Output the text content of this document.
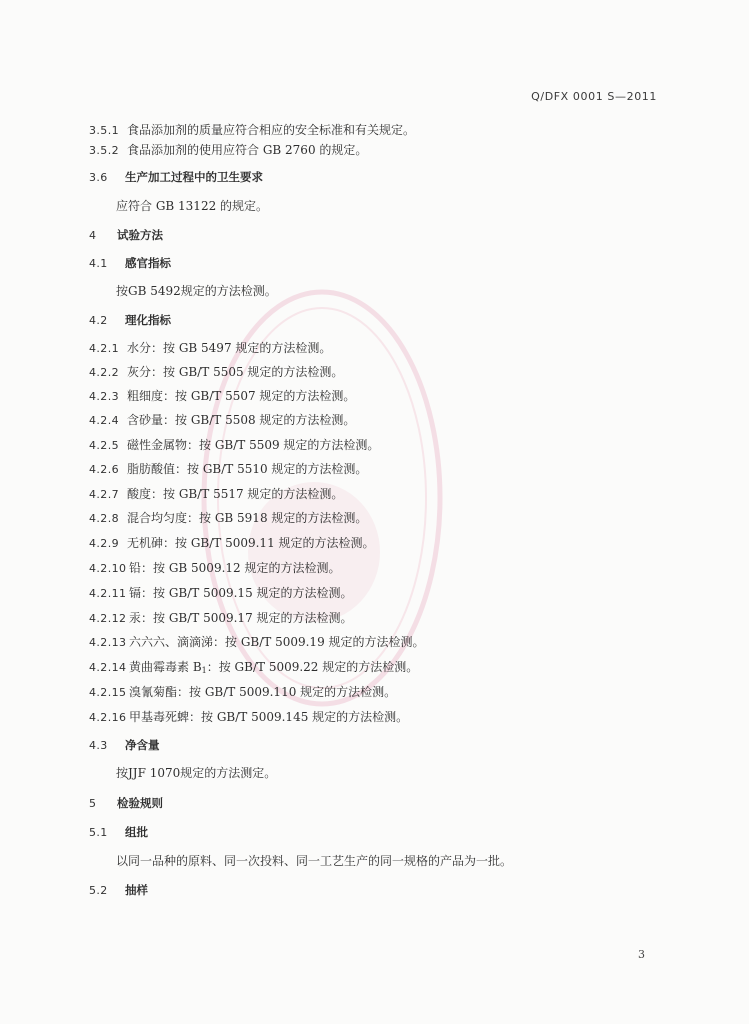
Q/DFX 0001 S—2011
3.5.1 食品添加剂的质量应符合相应的安全标准和有关规定。
3.5.2 食品添加剂的使用应符合 GB 2760 的规定。
3.6 生产加工过程中的卫生要求
应符合 GB 13122 的规定。
4 试验方法
4.1 感官指标
按GB 5492规定的方法检测。
4.2 理化指标
4.2.1 水分：按 GB 5497 规定的方法检测。
4.2.2 灰分：按 GB/T 5505 规定的方法检测。
4.2.3 粗细度：按 GB/T 5507 规定的方法检测。
4.2.4 含砂量：按 GB/T 5508 规定的方法检测。
4.2.5 磁性金属物：按 GB/T 5509 规定的方法检测。
4.2.6 脂肪酸值：按 GB/T 5510 规定的方法检测。
4.2.7 酸度：按 GB/T 5517 规定的方法检测。
4.2.8 混合均匀度：按 GB 5918 规定的方法检测。
4.2.9 无机砷：按 GB/T 5009.11 规定的方法检测。
4.2.10 铅：按 GB 5009.12 规定的方法检测。
4.2.11 镉：按 GB/T 5009.15 规定的方法检测。
4.2.12 汞：按 GB/T 5009.17 规定的方法检测。
4.2.13 六六六、滴滴涕：按 GB/T 5009.19 规定的方法检测。
4.2.14 黄曲霉毒素 $B_1$：按 GB/T 5009.22 规定的方法检测。
4.2.15 溴氰菊酯：按 GB/T 5009.110 规定的方法检测。
4.2.16 甲基毒死蜱：按 GB/T 5009.145 规定的方法检测。
4.3 净含量
按JJF 1070规定的方法测定。
5 检验规则
5.1 组批
以同一品种的原料、同一次投料、同一工艺生产的同一规格的产品为一批。
5.2 抽样
3
